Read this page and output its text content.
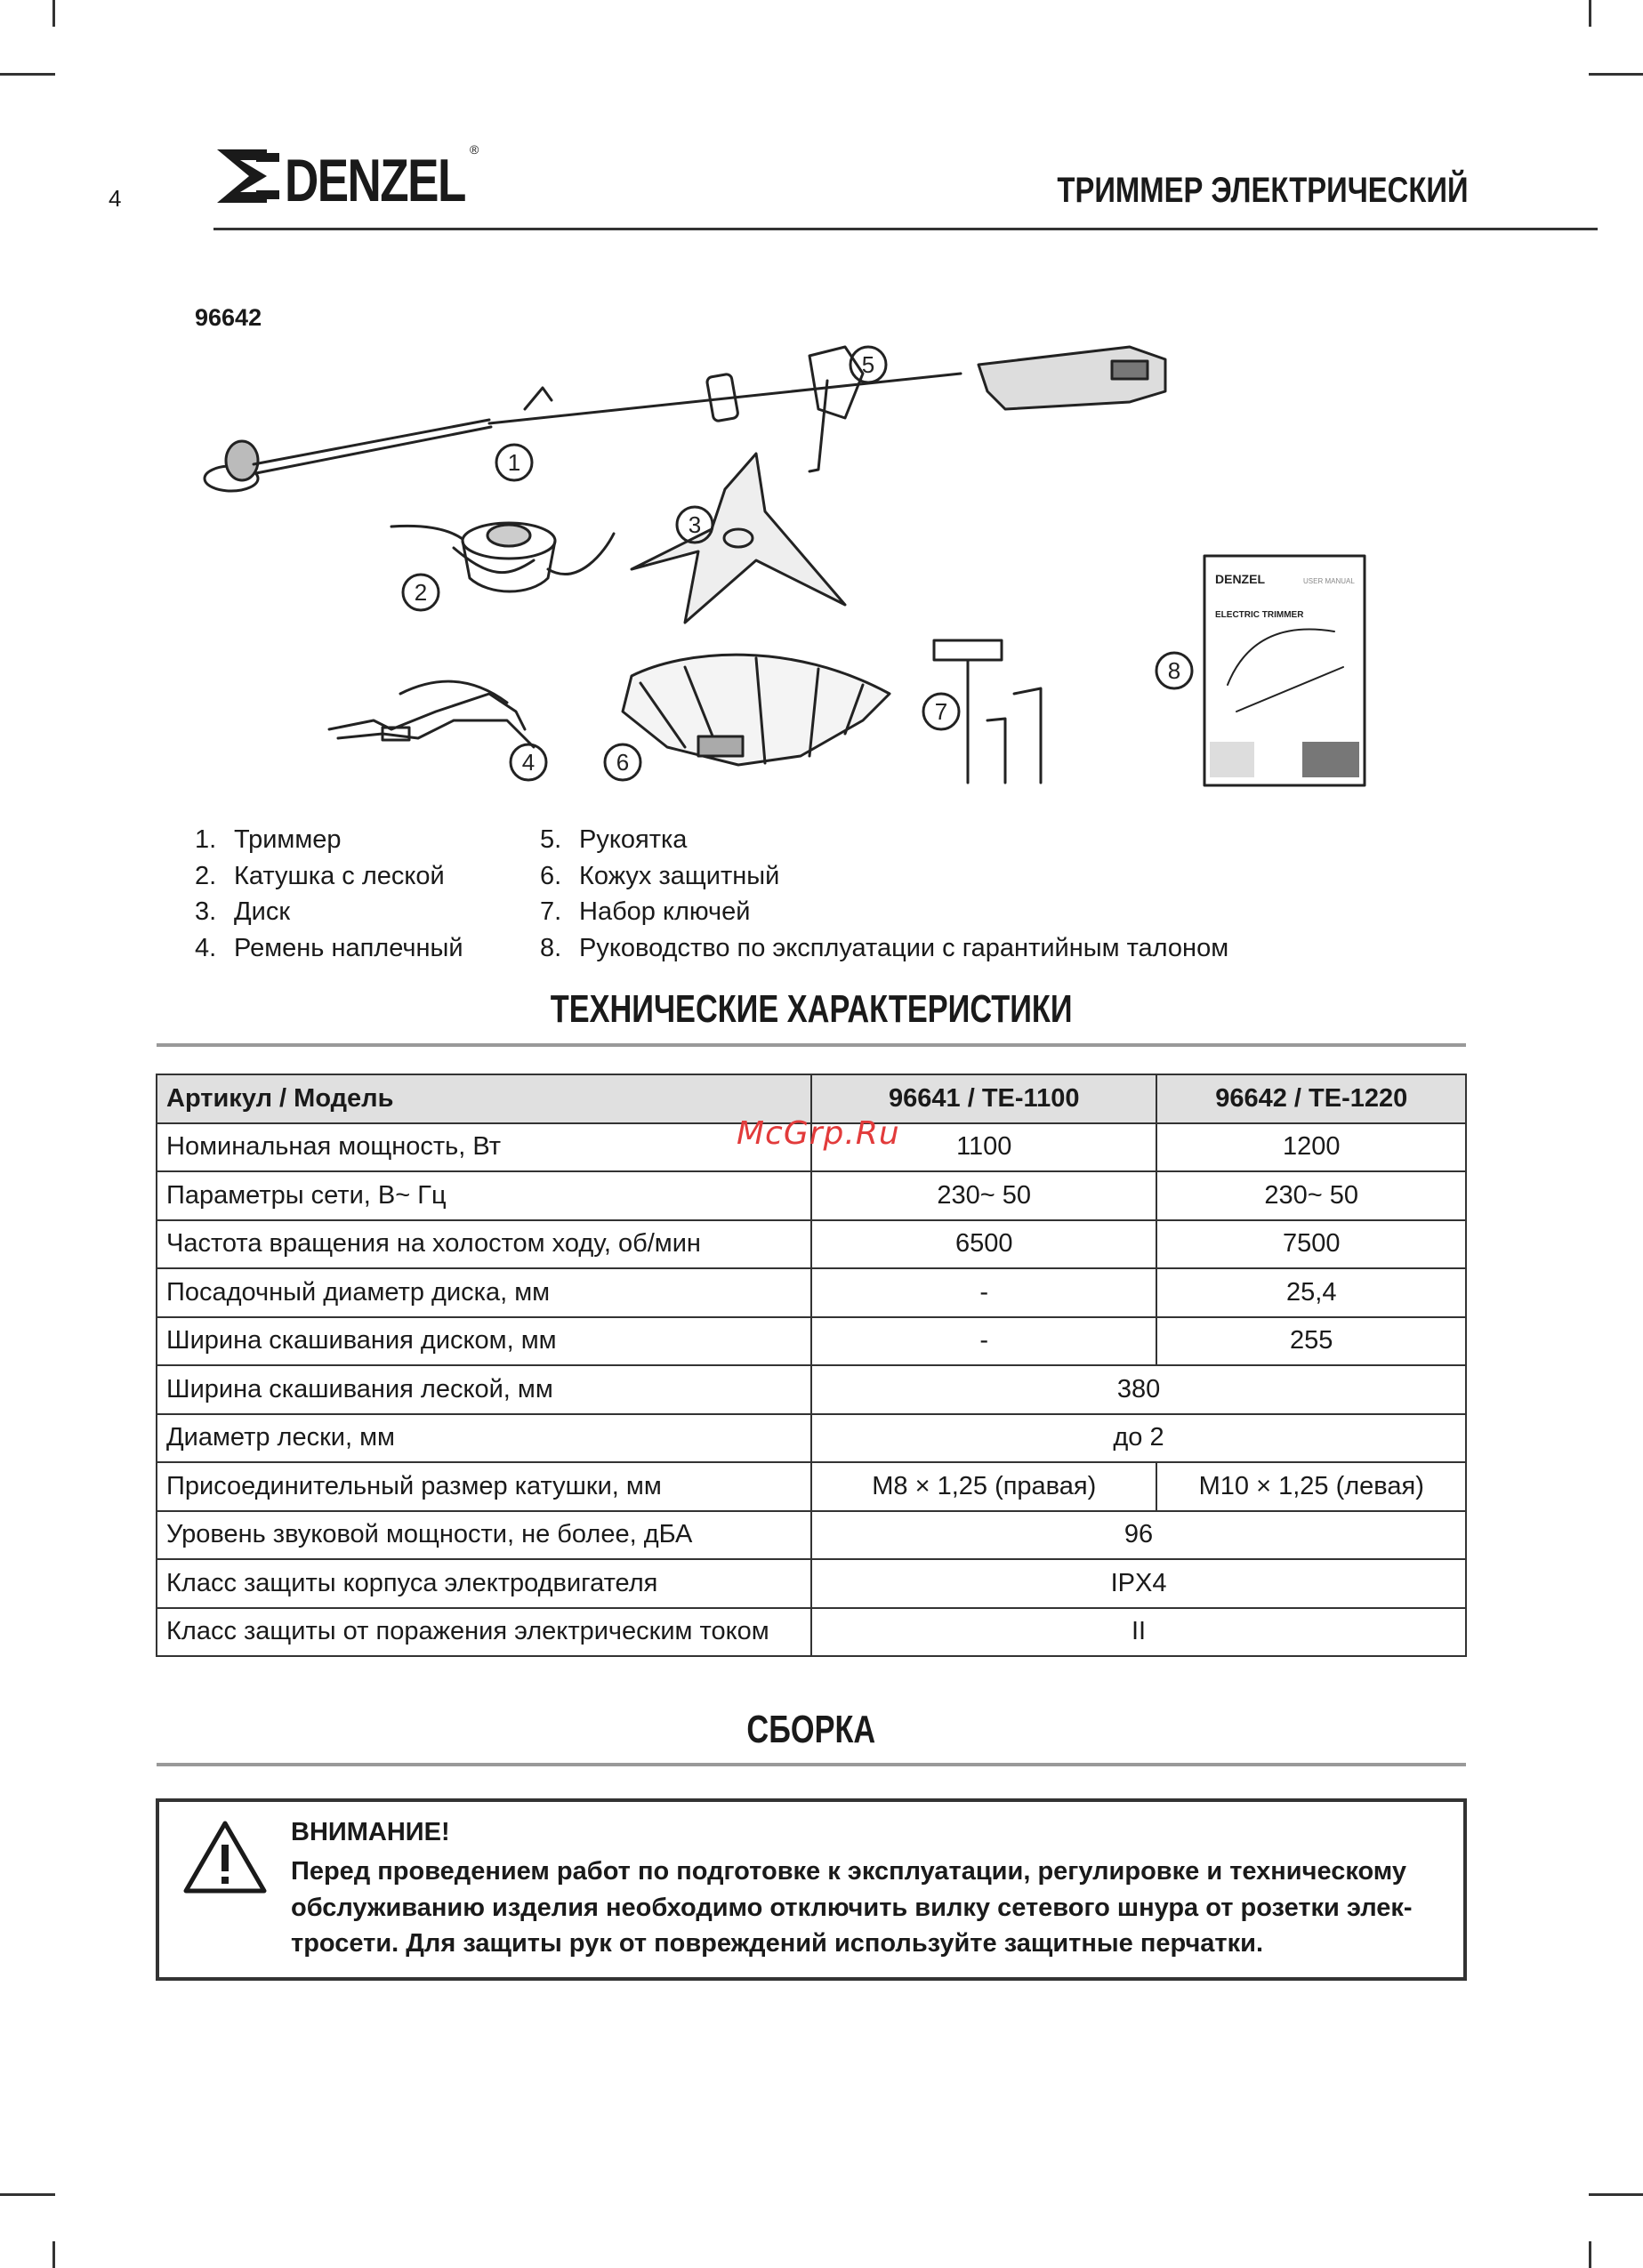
4	DENZEL ®
ТРИММЕР ЭЛЕКТРИЧЕСКИЙ
96642
1
2
3
4
5
6
7
8
DENZEL	USER MANUAL
ELECTRIC TRIMMER
1. Триммер
2. Катушка с леской
3. Диск
4. Ремень наплечный
5. Рукоятка
6. Кожух защитный
7. Набор ключей
8. Руководство по эксплуатации с гарантийным талоном
ТЕХНИЧЕСКИЕ ХАРАКТЕРИСТИКИ
Артикул / Модель	96641 / TE-1100	96642 / TE-1220
Номинальная мощность, Вт	1100	1200
Параметры сети, В~ Гц	230~ 50	230~ 50
Частота вращения на холостом ходу, об/мин	6500	7500
Посадочный диаметр диска, мм	-	25,4
Ширина скашивания диском, мм	-	255
Ширина скашивания леской, мм	380	
Диаметр лески, мм	до 2	
Присоединительный размер катушки, мм	M8 × 1,25 (правая)	M10 × 1,25 (левая)
Уровень звуковой мощности, не более, дБА	96	
Класс защиты корпуса электродвигателя	IPX4	
Класс защиты от поражения электрическим током	II	
McGrp.Ru
СБОРКА
ВНИМАНИЕ!
Перед проведением работ по подготовке к эксплуатации, регулировке и техническому
обслуживанию изделия необходимо отключить вилку сетевого шнура от розетки элек-
тросети. Для защиты рук от повреждений используйте защитные перчатки.
